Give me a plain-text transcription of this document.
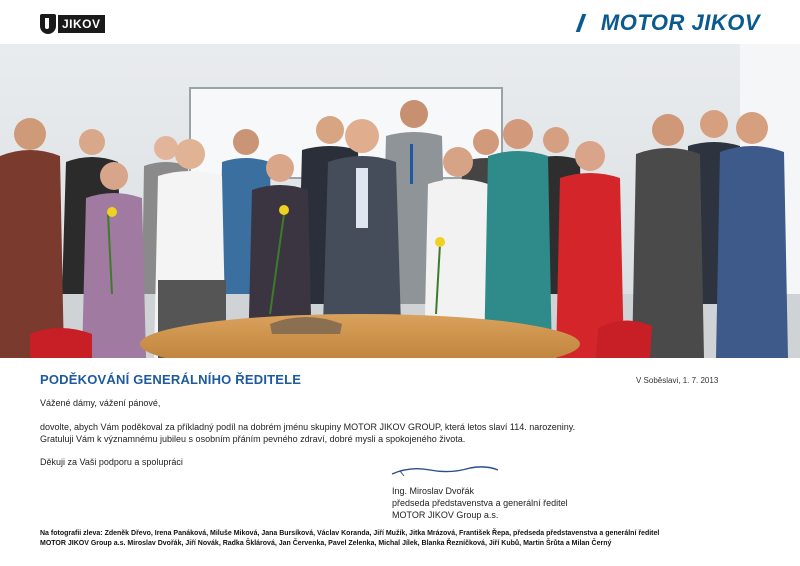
JIKOV	MOTOR JIKOV
PODĚKOVÁNÍ GENERÁLNÍHO ŘEDITELE	V Soběslavi, 1. 7. 2013
Vážené dámy, vážení pánové,
dovolte, abych Vám poděkoval za příkladný podíl na dobrém jménu skupiny MOTOR JIKOV GROUP, která letos slaví 114. narozeniny.
Gratuluji Vám k významnému jubileu s osobním přáním pevného zdraví, dobré mysli a spokojeného života.
Děkuji za Vaši podporu a spolupráci
Ing. Miroslav Dvořák
předseda představenstva a generální ředitel
MOTOR JIKOV Group a.s.
Na fotografii zleva: Zdeněk Dřevo, Irena Panáková, Miluše Miková, Jana Bursíková, Václav Koranda, Jiří Mužík, Jitka Mrázová, František Řepa, předseda představenstva a generální ředitel
MOTOR JIKOV Group a.s. Miroslav Dvořák, Jiří Novák, Radka Šklárová, Jan Červenka, Pavel Zelenka, Michal Jílek, Blanka Řezníčková, Jiří Kubů, Martin Šrůta a Milan Černý
